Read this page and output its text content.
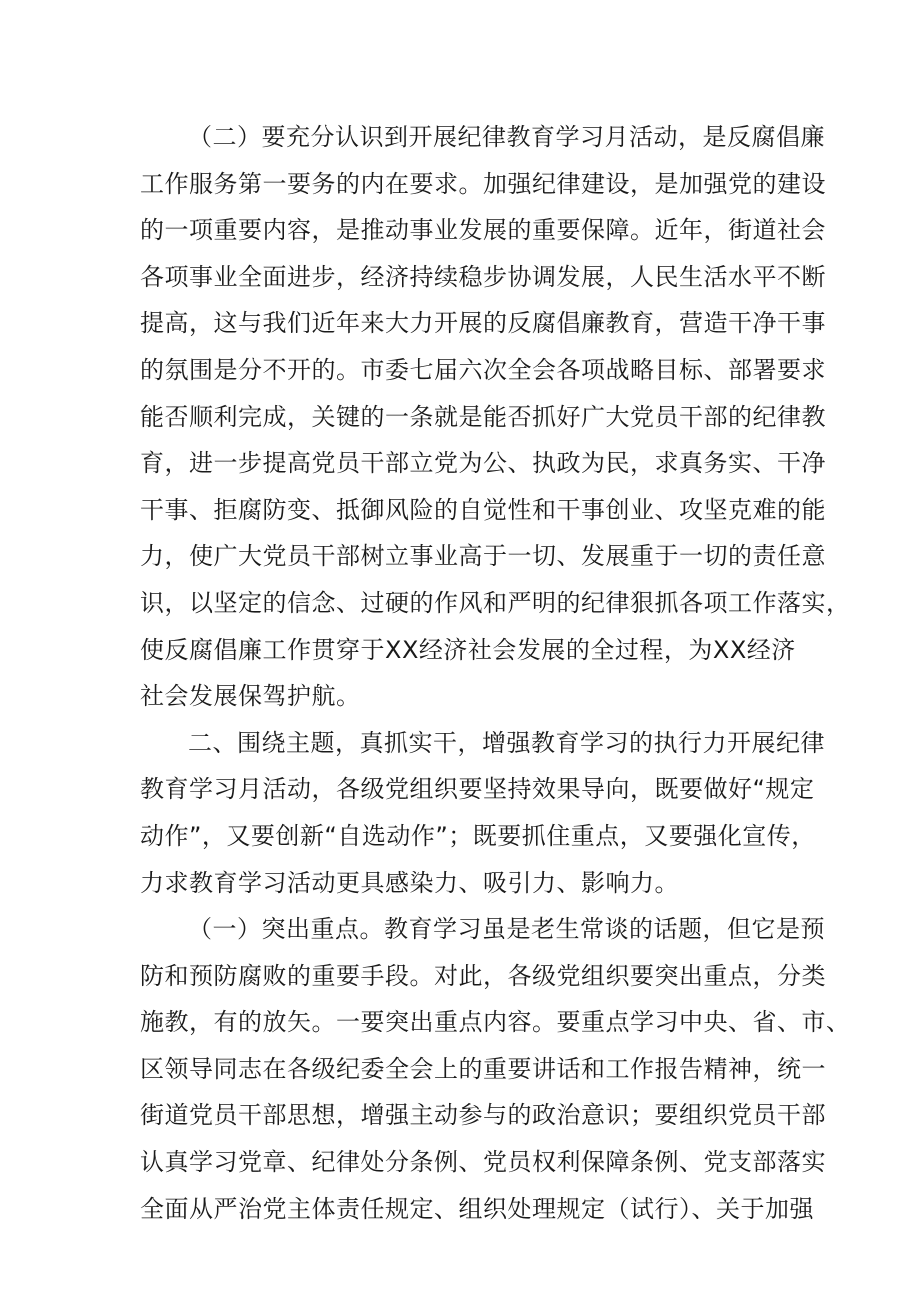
（二）要充分认识到开展纪律教育学习月活动，是反腐倡廉
工作服务第一要务的内在要求。加强纪律建设，是加强党的建设
的一项重要内容，是推动事业发展的重要保障。近年，街道社会
各项事业全面进步，经济持续稳步协调发展，人民生活水平不断
提高，这与我们近年来大力开展的反腐倡廉教育，营造干净干事
的氛围是分不开的。市委七届六次全会各项战略目标、部署要求
能否顺利完成，关键的一条就是能否抓好广大党员干部的纪律教
育，进一步提高党员干部立党为公、执政为民，求真务实、干净
干事、拒腐防变、抵御风险的自觉性和干事创业、攻坚克难的能
力，使广大党员干部树立事业高于一切、发展重于一切的责任意
识，以坚定的信念、过硬的作风和严明的纪律狠抓各项工作落实，
使反腐倡廉工作贯穿于XX经济社会发展的全过程，为XX经济
社会发展保驾护航。
二、围绕主题，真抓实干，增强教育学习的执行力开展纪律
教育学习月活动，各级党组织要坚持效果导向，既要做好“规定
动作”，又要创新“自选动作”；既要抓住重点，又要强化宣传，
力求教育学习活动更具感染力、吸引力、影响力。
（一）突出重点。教育学习虽是老生常谈的话题，但它是预
防和预防腐败的重要手段。对此，各级党组织要突出重点，分类
施教，有的放矢。一要突出重点内容。要重点学习中央、省、市、
区领导同志在各级纪委全会上的重要讲话和工作报告精神，统一
街道党员干部思想，增强主动参与的政治意识；要组织党员干部
认真学习党章、纪律处分条例、党员权利保障条例、党支部落实
全面从严治党主体责任规定、组织处理规定（试行）、关于加强
